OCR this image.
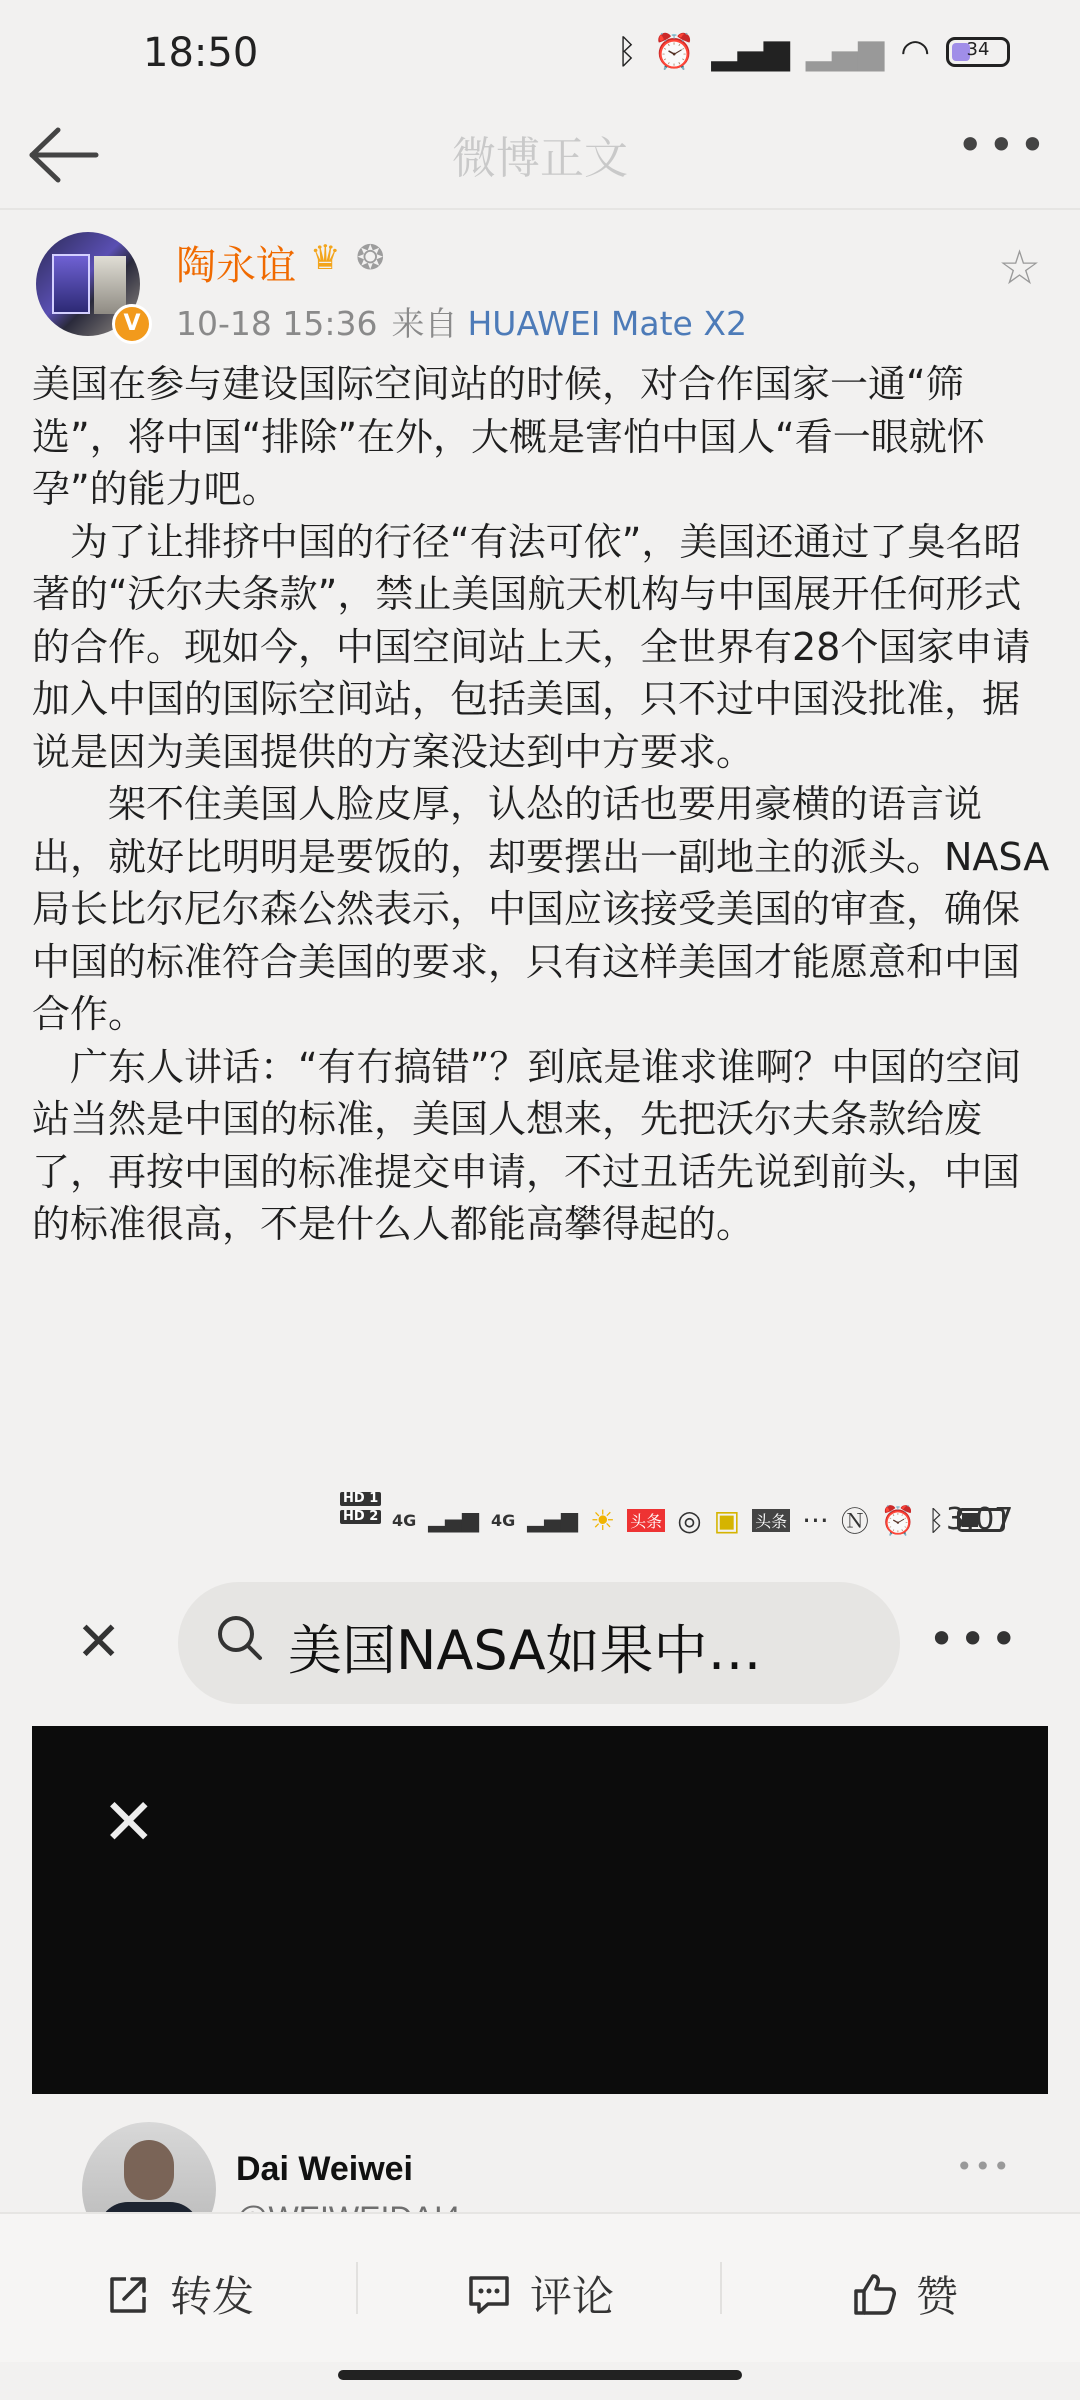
18:50	ᛒ ⏰ ▂▄▆ ▂▄▆ ◠	34
微博正文	•••
V
陶永谊 ♛ ❂
10-18 15:36 来自 HUAWEI Mate X2
☆

美国在参与建设国际空间站的时候，对合作国家一通“筛选”，将中国“排除”在外，大概是害怕中国人“看一眼就怀孕”的能力吧。

　为了让排挤中国的行径“有法可依”，美国还通过了臭名昭著的“沃尔夫条款”，禁止美国航天机构与中国展开任何形式的合作。现如今，中国空间站上天，全世界有28个国家申请加入中国的国际空间站，包括美国，只不过中国没批准，据说是因为美国提供的方案没达到中方要求。

　　架不住美国人脸皮厚，认怂的话也要用豪横的语言说出，就好比明明是要饭的，却要摆出一副地主的派头。NASA局长比尔尼尔森公然表示，中国应该接受美国的审查，确保中国的标准符合美国的要求，只有这样美国才能愿意和中国合作。

　广东人讲话：“有冇搞错”？到底是谁求谁啊？中国的空间站当然是中国的标准，美国人想来，先把沃尔夫条款给废了，再按中国的标准提交申请，不过丑话先说到前头，中国的标准很高，不是什么人都能高攀得起的。

HD 1
HD 2 4G ▂▄▆ 4G ▂▄▆ ☀ 头条 ◎ ▣ 头条 ··· Ⓝ ⏰ ᛒ 3:07
✕	美国NASA如果中…	•••
✕
Dai Weiwei	•••
转发	评论	赞
